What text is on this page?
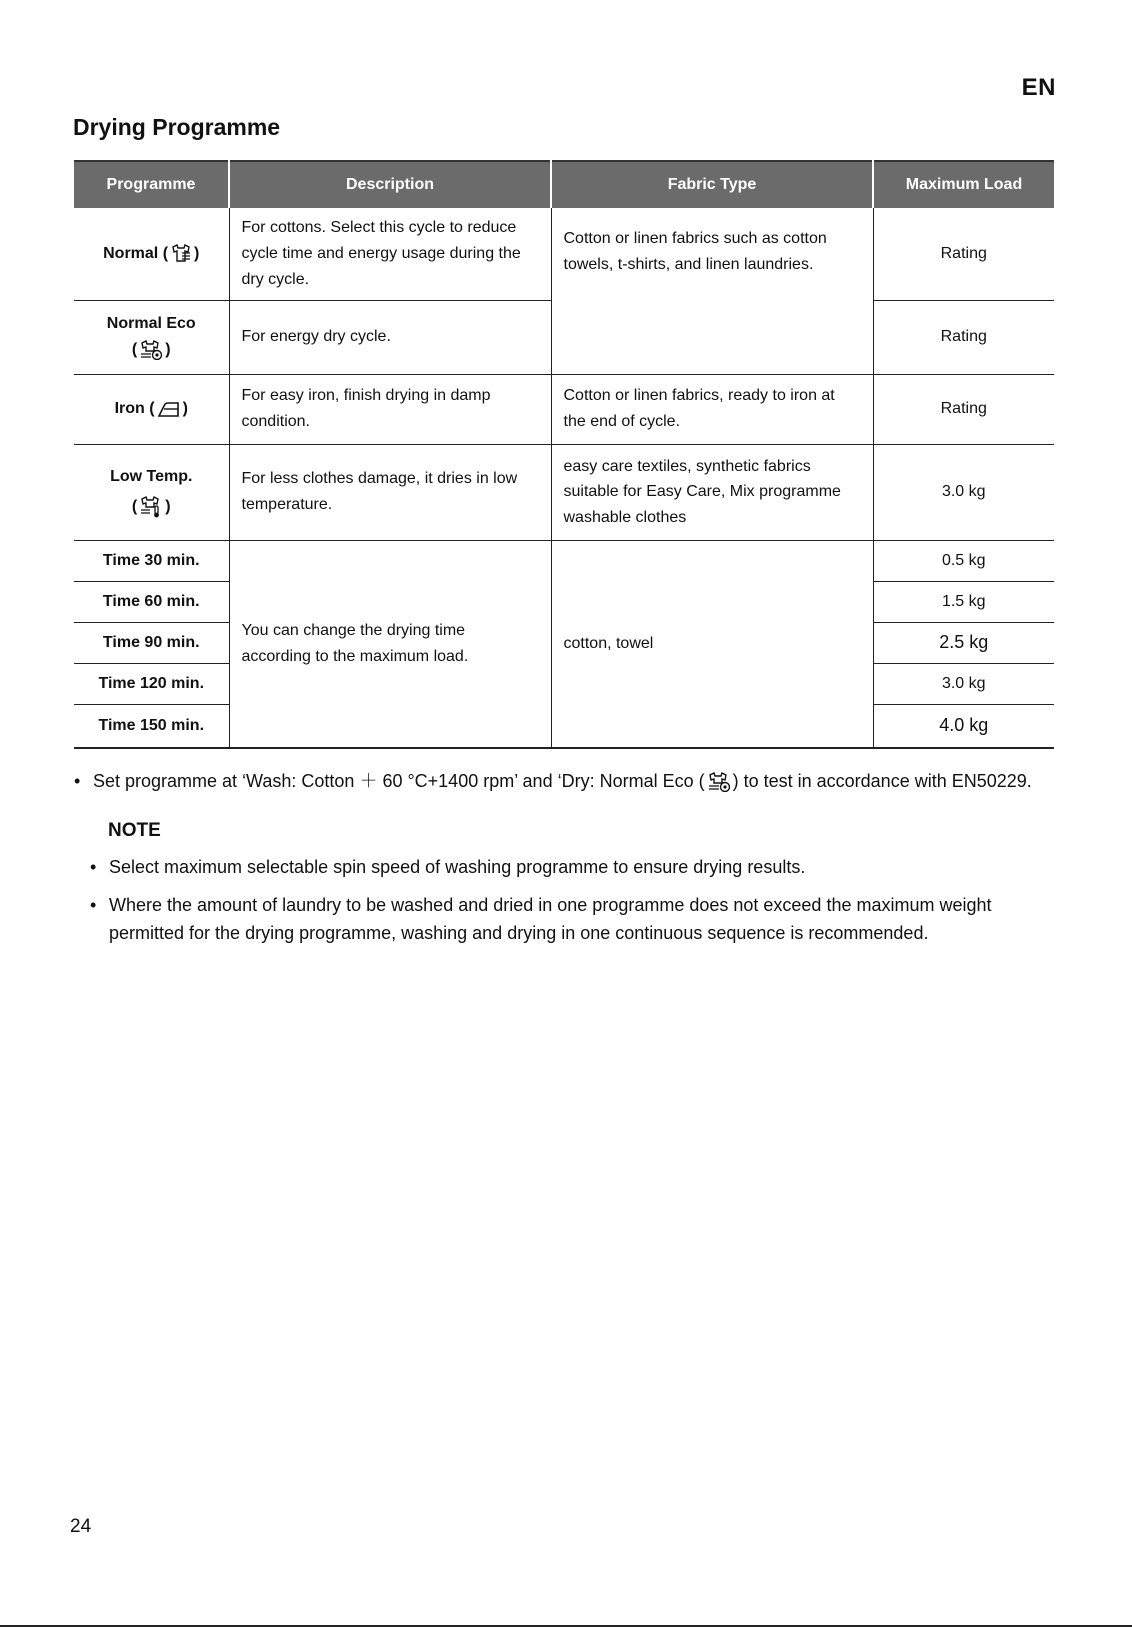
EN
Drying Programme
Programme	Description	Fabric Type	Maximum Load
Normal ( )	For cottons. Select this cycle to reduce cycle time and energy usage during the dry cycle.	Cotton or linen fabrics such as cotton towels, t-shirts, and linen laundries.	Rating

Normal Eco
( )	For energy dry cycle.		Rating
Iron ( )	For easy iron, finish drying in damp condition.	Cotton or linen fabrics, ready to iron at the end of cycle.	Rating

Low Temp.
( )	For less clothes damage, it dries in low temperature.	easy care textiles, synthetic fabrics suitable for Easy Care, Mix programme washable clothes	3.0 kg
Time 30 min.	You can change the drying time according to the maximum load.	cotton, towel	0.5 kg
Time 60 min.			1.5 kg
Time 90 min.			2.5 kg
Time 120 min.			3.0 kg
Time 150 min.			4.0 kg

• Set programme at ‘Wash: Cotton ＋ 60 °C+1400 rpm’ and ‘Dry: Normal Eco ( ) to test in accordance with EN50229.

NOTE
• Select maximum selectable spin speed of washing programme to ensure drying results.
• Where the amount of laundry to be washed and dried in one programme does not exceed the maximum weight permitted for the drying programme, washing and drying in one continuous sequence is recommended.
24
